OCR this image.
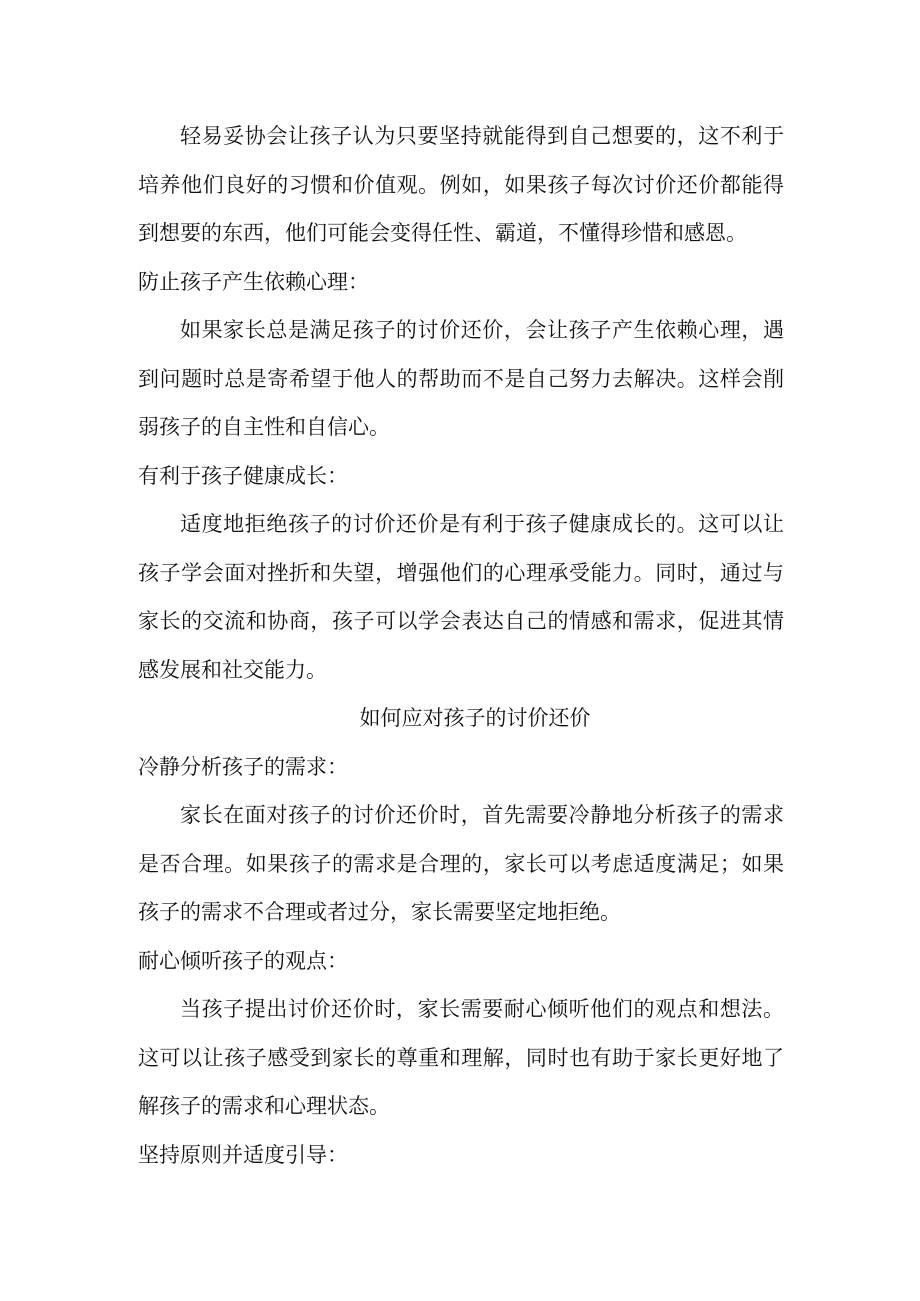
轻易妥协会让孩子认为只要坚持就能得到自己想要的，这不利于培养他们良好的习惯和价值观。例如，如果孩子每次讨价还价都能得到想要的东西，他们可能会变得任性、霸道，不懂得珍惜和感恩。

防止孩子产生依赖心理：

如果家长总是满足孩子的讨价还价，会让孩子产生依赖心理，遇到问题时总是寄希望于他人的帮助而不是自己努力去解决。这样会削弱孩子的自主性和自信心。

有利于孩子健康成长：

适度地拒绝孩子的讨价还价是有利于孩子健康成长的。这可以让孩子学会面对挫折和失望，增强他们的心理承受能力。同时，通过与家长的交流和协商，孩子可以学会表达自己的情感和需求，促进其情感发展和社交能力。

如何应对孩子的讨价还价

冷静分析孩子的需求：

家长在面对孩子的讨价还价时，首先需要冷静地分析孩子的需求是否合理。如果孩子的需求是合理的，家长可以考虑适度满足；如果孩子的需求不合理或者过分，家长需要坚定地拒绝。

耐心倾听孩子的观点：

当孩子提出讨价还价时，家长需要耐心倾听他们的观点和想法。这可以让孩子感受到家长的尊重和理解，同时也有助于家长更好地了解孩子的需求和心理状态。

坚持原则并适度引导：
